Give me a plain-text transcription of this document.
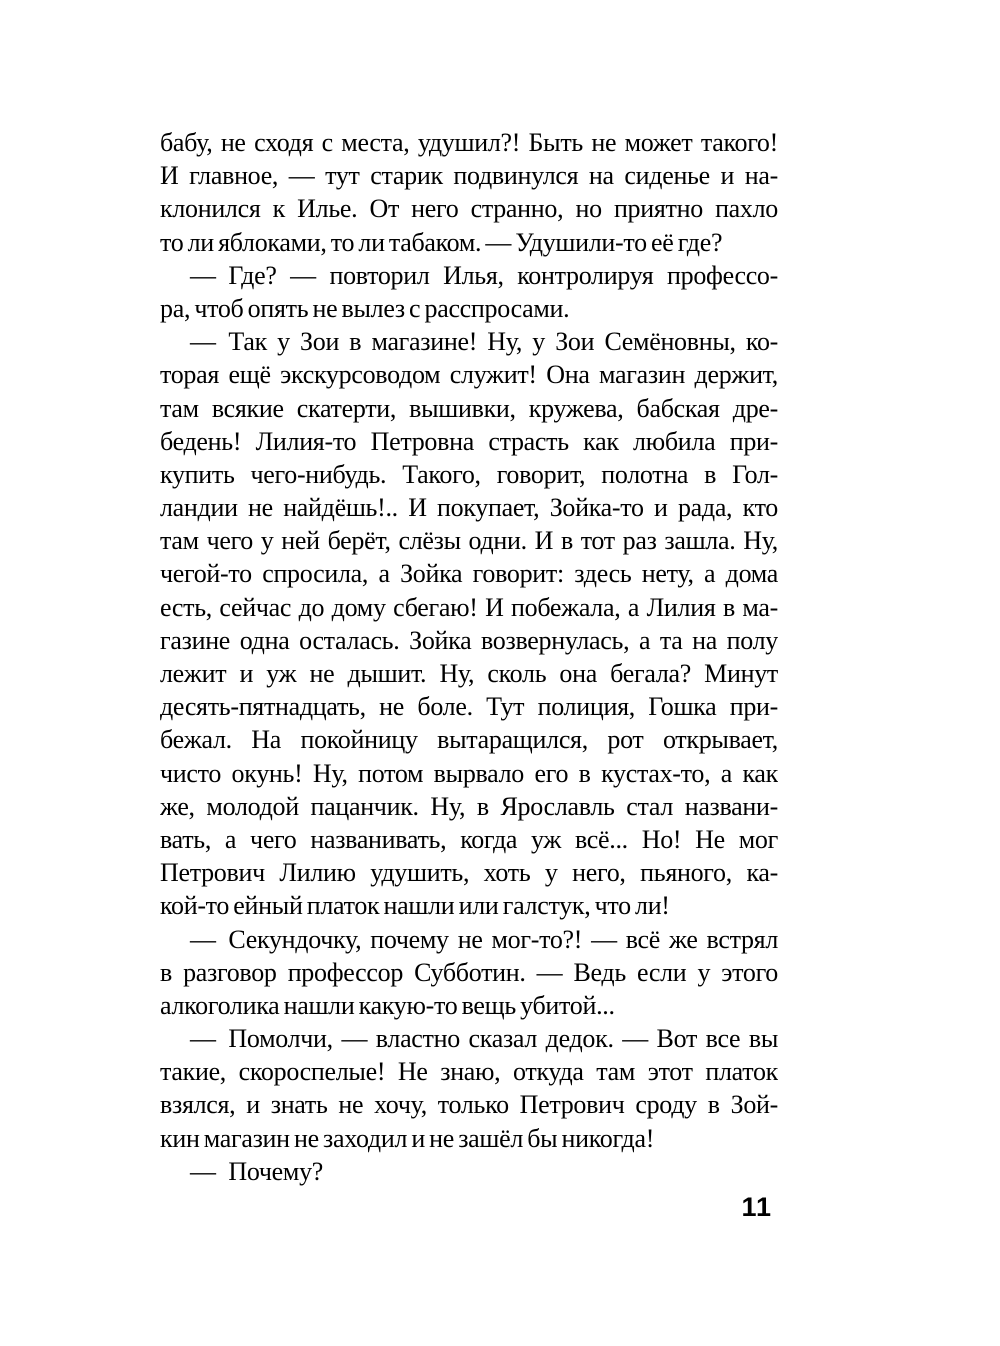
бабу, не сходя с места, удушил?! Быть не может такого!
И главное, — тут старик подвинулся на сиденье и на-
клонился к Илье. От него странно, но приятно пахло
то ли яблоками, то ли табаком. — Удушили-то её где?
— Где? — повторил Илья, контролируя профессо-
ра, чтоб опять не вылез с расспросами.
— Так у Зои в магазине! Ну, у Зои Семёновны, ко-
торая ещё экскурсоводом служит! Она магазин держит,
там всякие скатерти, вышивки, кружева, бабская дре-
бедень! Лилия-то Петровна страсть как любила при-
купить чего-нибудь. Такого, говорит, полотна в Гол-
ландии не найдёшь!.. И покупает, Зойка-то и рада, кто
там чего у ней берёт, слёзы одни. И в тот раз зашла. Ну,
чегой-то спросила, а Зойка говорит: здесь нету, а дома
есть, сейчас до дому сбегаю! И побежала, а Лилия в ма-
газине одна осталась. Зойка возвернулась, а та на полу
лежит и уж не дышит. Ну, сколь она бегала? Минут
десять-пятнадцать, не боле. Тут полиция, Гошка при-
бежал. На покойницу вытаращился, рот открывает,
чисто окунь! Ну, потом вырвало его в кустах-то, а как
же, молодой пацанчик. Ну, в Ярославль стал названи-
вать, а чего названивать, когда уж всё... Но! Не мог
Петрович Лилию удушить, хоть у него, пьяного, ка-
кой-то ейный платок нашли или галстук, что ли!
— Секундочку, почему не мог-то?! — всё же встрял
в разговор профессор Субботин. — Ведь если у этого
алкоголика нашли какую-то вещь убитой...
— Помолчи, — властно сказал дедок. — Вот все вы
такие, скороспелые! Не знаю, откуда там этот платок
взялся, и знать не хочу, только Петрович сроду в Зой-
кин магазин не заходил и не зашёл бы никогда!
— Почему?
11
